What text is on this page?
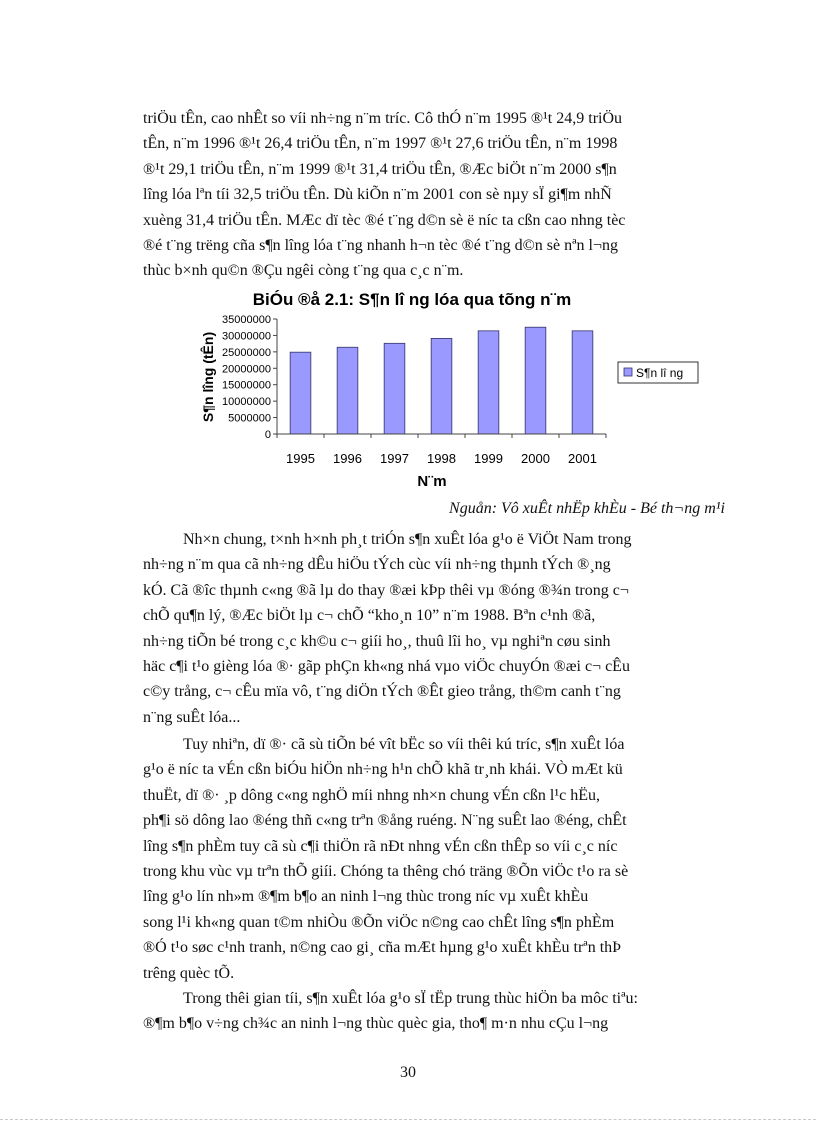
triÖu tÊn, cao nhÊt so víi nh÷ng n¨m tríc. Cô thÓ n¨m 1995 ®¹t 24,9 triÖu
tÊn, n¨m 1996 ®¹t 26,4 triÖu tÊn, n¨m 1997 ®¹t 27,6 triÖu tÊn, n¨m 1998
®¹t 29,1 triÖu tÊn, n¨m 1999 ®¹t 31,4 triÖu tÊn, ®Æc biÖt n¨m 2000 s¶n
lîng lóa lªn tíi 32,5 triÖu tÊn. Dù kiÕn n¨m 2001 con sè nµy sÏ gi¶m nhÑ
xuèng 31,4 triÖu tÊn. MÆc dï tèc ®é t¨ng d©n sè ë níc ta cßn cao nhng tèc
®é t¨ng trëng cña s¶n lîng lóa t¨ng nhanh h¬n tèc ®é t¨ng d©n sè nªn l¬ng
thùc b×nh qu©n ®Çu ngêi còng t¨ng qua c¸c n¨m.
BiÓu ®å 2.1: S¶n lî ng lóa qua tõng n¨m
S¶n lîng (tÊn)
N¨m
0
5000000
10000000
15000000
20000000
25000000
30000000
35000000
1995 1996 1997 1998 1999 2000 2001
S¶n lî ng
Nguån: Vô xuÊt nhËp khÈu - Bé th¬ng m¹i
Nh×n chung, t×nh h×nh ph¸t triÓn s¶n xuÊt lóa g¹o ë ViÖt Nam trong
nh÷ng n¨m qua cã nh÷ng dÊu hiÖu tÝch cùc víi nh÷ng thµnh tÝch ®¸ng
kÓ. Cã ®îc thµnh c«ng ®ã lµ do thay ®æi kÞp thêi vµ ®óng ®¾n trong c¬
chÕ qu¶n lý, ®Æc biÖt lµ c¬ chÕ “kho¸n 10” n¨m 1988. Bªn c¹nh ®ã,
nh÷ng tiÕn bé trong c¸c kh©u c¬ giíi ho¸, thuû lîi ho¸ vµ nghiªn cøu sinh
häc c¶i t¹o gièng lóa ®· gãp phÇn kh«ng nhá vµo viÖc chuyÓn ®æi c¬ cÊu
c©y trång, c¬ cÊu mïa vô, t¨ng diÖn tÝch ®Êt gieo trång, th©m canh t¨ng
n¨ng suÊt lóa...
Tuy nhiªn, dï ®· cã sù tiÕn bé vît bËc so víi thêi kú tríc, s¶n xuÊt lóa
g¹o ë níc ta vÉn cßn biÓu hiÖn nh÷ng h¹n chÕ khã tr¸nh khái. VÒ mÆt kü
thuËt, dï ®· ¸p dông c«ng nghÖ míi nhng nh×n chung vÉn cßn l¹c hËu,
ph¶i sö dông lao ®éng thñ c«ng trªn ®ång ruéng. N¨ng suÊt lao ®éng, chÊt
lîng s¶n phÈm tuy cã sù c¶i thiÖn rã nÐt nhng vÉn cßn thÊp so víi c¸c níc
trong khu vùc vµ trªn thÕ giíi. Chóng ta thêng chó träng ®Õn viÖc t¹o ra sè
lîng g¹o lín nh»m ®¶m b¶o an ninh l¬ng thùc trong níc vµ xuÊt khÈu
song l¹i kh«ng quan t©m nhiÒu ®Õn viÖc n©ng cao chÊt lîng s¶n phÈm
®Ó t¹o søc c¹nh tranh, n©ng cao gi¸ cña mÆt hµng g¹o xuÊt khÈu trªn thÞ
trêng quèc tÕ.
Trong thêi gian tíi, s¶n xuÊt lóa g¹o sÏ tËp trung thùc hiÖn ba môc tiªu:
®¶m b¶o v÷ng ch¾c an ninh l¬ng thùc quèc gia, tho¶ m·n nhu cÇu l¬ng
30
